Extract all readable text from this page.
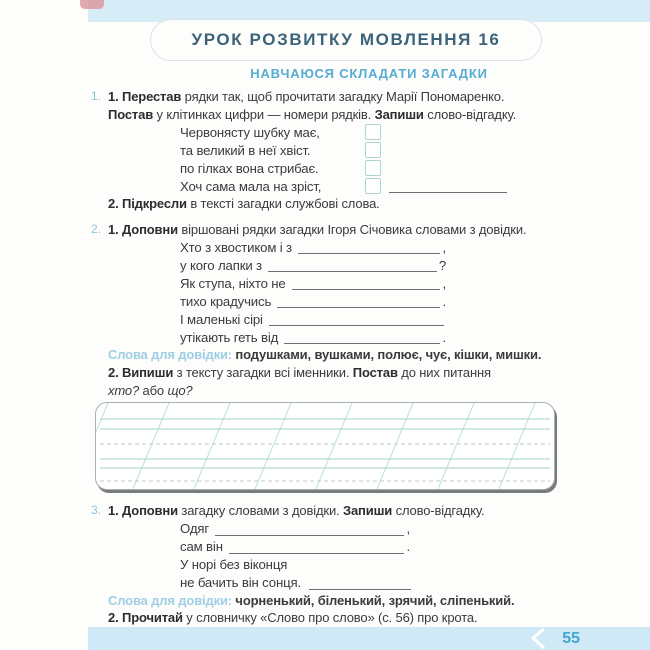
УРОК РОЗВИТКУ МОВЛЕННЯ 16
НАВЧАЮСЯ СКЛАДАТИ ЗАГАДКИ
1. 1. Перестав рядки так, щоб прочитати загадку Марії Пономаренко.
Постав у клітинках цифри — номери рядків. Запиши слово-відгадку.
Червонясту шубку має,
та великий в неї хвіст.
по гілках вона стрибає.
Хоч сама мала на зріст,
2. Підкресли в тексті загадки службові слова.
2. 1. Доповни віршовані рядки загадки Ігоря Січовика словами з довідки.
Хто з хвостиком і з	,
у кого лапки з	?
Як ступа, ніхто не	,
тихо крадучись	.
І маленькі сірі
утікають геть від	.
Слова для довідки: подушками, вушками, полює, чує, кішки, мишки.
2. Випиши з тексту загадки всі іменники. Постав до них питання
хто? або що?
3. 1. Доповни загадку словами з довідки. Запиши слово-відгадку.
Одяг	,
сам він	.
У норі без віконця
не бачить він сонця.
Слова для довідки: чорненький, біленький, зрячий, сліпенький.
2. Прочитай у словничку «Слово про слово» (с. 56) про крота.
55
